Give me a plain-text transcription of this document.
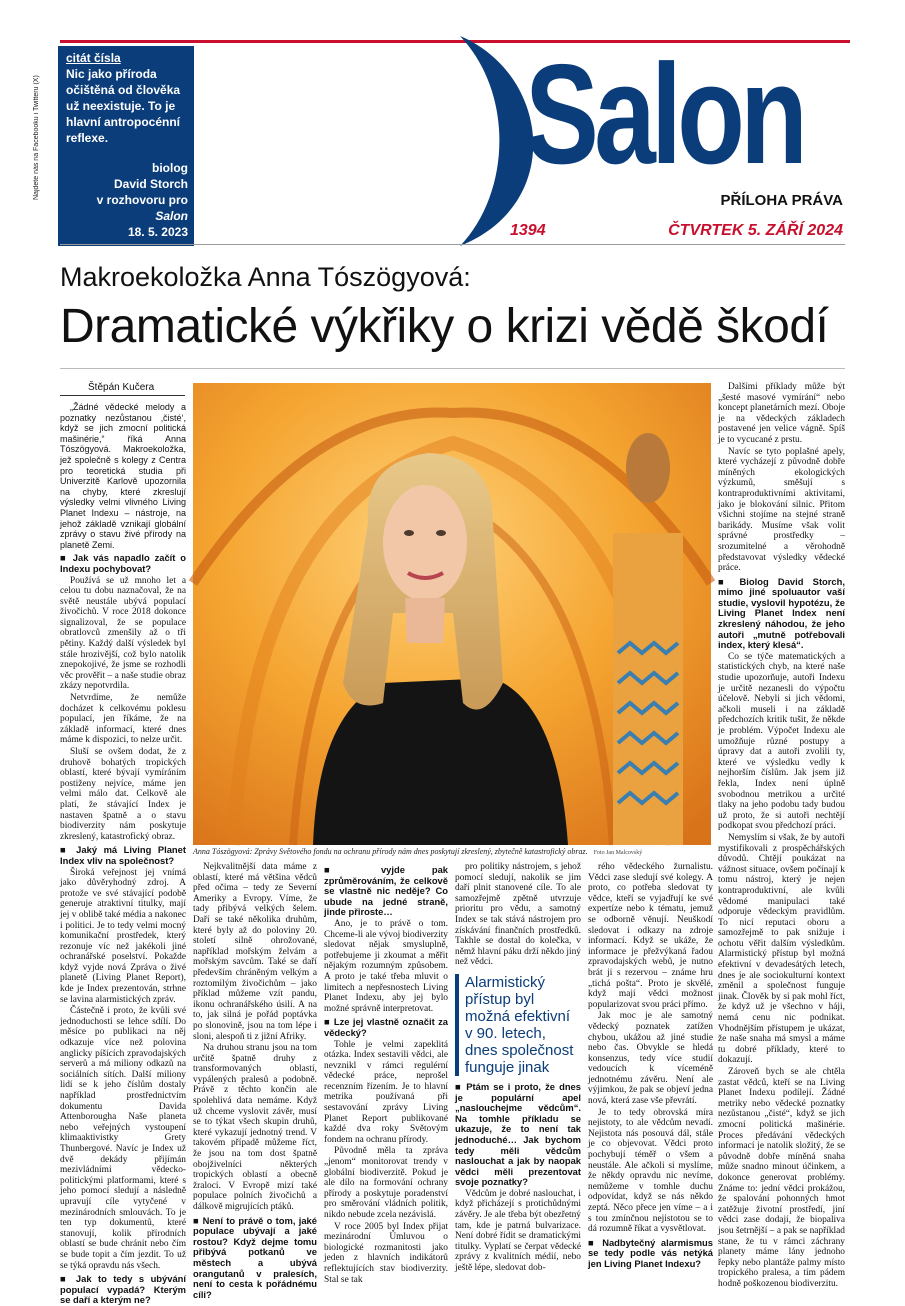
Najdete nás na Facebooku i Twitteru (X)
citát čísla
Nic jako příroda očištěná od člověka už neexistuje. To je hlavní antropocénní reflexe.
biolog
David Storch
v rozhovoru pro Salon
18. 5. 2023
Salon
PŘÍLOHA PRÁVA
1394	ČTVRTEK 5. ZÁŘÍ 2024
Makroekoložka Anna Tószögyová:
Dramatické výkřiky o krizi vědě škodí
Štěpán Kučera

„Žádné vědecké melody a poznatky nezůstanou ‚čisté‘, když se jich zmocní politická mašinérie,“ říká Anna Tószögyová. Makroekoložka, jež společně s kolegy z Centra pro teoretická studia při Univerzitě Karlově upozornila na chyby, které zkreslují výsledky velmi vlivného Living Planet Indexu – nástroje, na jehož základě vznikají globální zprávy o stavu živé přírody na planetě Zemi.

■ Jak vás napadlo začít o Indexu pochybovat?

Používá se už mnoho let a celou tu dobu naznačoval, že na světě neustále ubývá populací živočichů. V roce 2018 dokonce signalizoval, že se populace obratlovců zmenšily až o tři pětiny. Každý další výsledek byl stále hrozivější, což bylo natolik znepokojivé, že jsme se rozhodli věc prověřit – a naše studie obraz zkázy nepotvrdila.

Netvrdíme, že nemůže docházet k celkovému poklesu populací, jen říkáme, že na základě informací, které dnes máme k dispozici, to nelze určit.

Sluší se ovšem dodat, že z druhově bohatých tropických oblastí, které bývají vymíráním postiženy nejvíce, máme jen velmi málo dat. Celkově ale platí, že stávající Index je nastaven špatně a o stavu biodiverzity nám poskytuje zkreslený, katastrofický obraz.

■ Jaký má Living Planet Index vliv na společnost?

Široká veřejnost jej vnímá jako důvěryhodný zdroj. A protože ve své stávající podobě generuje atraktivní titulky, mají jej v oblibě také média a nakonec i politici. Je to tedy velmi mocný komunikační prostředek, který rezonuje víc než jakékoli jiné ochranářské poselství. Pokažde když vyjde nová Zpráva o živé planetě (Living Planet Report), kde je Index prezentován, strhne se lavina alarmistických zpráv.

Částečně i proto, že kvůli své jednoduchosti se lehce sdílí. Do měsíce po publikaci na něj odkazuje více než polovina anglicky píšících zpravodajských serverů a má miliony odkazů na sociálních sítích. Další miliony lidí se k jeho číslům dostaly například prostřednictvím dokumentu Davida Attenborougha Naše planeta nebo veřejných vystoupení klimaaktivistky Grety Thunbergové. Navíc je Index už dvě dekády přijímán mezivládními vědecko-politickými platformami, které s jeho pomocí sledují a následně upravují cíle vytyčené v mezinárodních smlouvách. To je ten typ dokumentů, které stanovují, kolik přírodních oblastí se bude chránit nebo čím se bude topit a čím jezdit. To už se týká opravdu nás všech.

■ Jak to tedy s ubývání populací vypadá? Kterým se daří a kterým ne?

Anna Tószögyová: Zprávy Světového fondu na ochranu přírody nám dnes poskytují zkreslený, zbytečně katastrofický obraz. Foto Jan Malcovský

Dalšími příklady může být „šesté masové vymírání“ nebo koncept planetárních mezí. Oboje je na vědeckých základech postavené jen velice vágně. Spíš je to vycucané z prstu.

Navíc se tyto poplašné apely, které vycházejí z původně dobře míněných ekologických výzkumů, směšují s kontraproduktivními aktivitami, jako je blokování silnic. Přitom všichni stojíme na stejné straně barikády. Musíme však volit správné prostředky – srozumitelné a věrohodně představovat výsledky vědecké práce.

■ Biolog David Storch, mimo jiné spoluautor vaší studie, vyslovil hypotézu, že Living Planet Index není zkreslený náhodou, že jeho autoři „mutně potřebovali index, který klesá“.

Co se týče matematických a statistických chyb, na které naše studie upozorňuje, autoři Indexu je určitě nezanesli do výpočtu účelově. Nebyli si jich vědomi, ačkoli museli i na základě předchozích kritik tušit, že někde je problém. Výpočet Indexu ale umožňuje různé postupy a úpravy dat a autoři zvolili ty, které ve výsledku vedly k nejhorším číslům. Jak jsem již řekla, Index není úplně svobodnou metrikou a určité tlaky na jeho podobu tady budou už proto, že si autoři nechtějí podkopat svou předchozí práci.

Nemyslím si však, že by autoři mystifikovali z prospěchářských důvodů. Chtějí poukázat na vážnost situace, ovšem počínají k tomu nástroj, který je nejen kontraproduktivní, ale kvůli vědomé manipulaci také odporuje vědeckým pravidlům. To nicí reputaci oboru a samozřejmě to pak snižuje i ochotu věřit dalším výsledkům. Alarmistický přístup byl možná efektivní v devadesátých letech, dnes je ale sociokulturní kontext změnil a společnost funguje jinak. Člověk by si pak mohl říct, že když už je všechno v háji, nemá cenu nic podnikat. Vhodnějším přístupem je ukázat, že naše snaha má smysl a máme tu dobré příklady, které to dokazují.

Zároveň bych se ale chtěla zastat vědců, kteří se na Living Planet Indexu podílejí. Žádné metriky nebo vědecké poznatky nezůstanou „čisté“, když se jich zmocní politická mašinérie. Proces předávání vědeckých informací je natolik složitý, že se původně dobře míněná snaha může snadno minout účinkem, a dokonce generovat problémy. Známe to: jední vědci prokážou, že spalování pohonných hmot zatěžuje životní prostředí, jiní vědci zase dodají, že biopaliva jsou šetrnější – a pak se například stane, že tu v rámci záchrany planety máme lány jednoho řepky nebo plantáže palmy místo tropického pralesa, a tím pádem hodně poškozenou biodiverzitu.

Nejkvalitnější data máme z oblastí, které má většina vědců před očima – tedy ze Severní Ameriky a Evropy. Víme, že tady přibývá velkých šelem. Daří se také několika druhům, které byly až do poloviny 20. století silně ohrožované, například mořským želvám a mořským savcům. Také se daří především chráněným velkým a roztomilým živočichům – jako příklad můžeme vzít pandu, ikonu ochranářského úsilí. A na to, jak silná je pořád poptávka po slonovině, jsou na tom lépe i sloni, alespoň ti z jižní Afriky.

Na druhou stranu jsou na tom určitě špatně druhy z transformovaných oblastí, vypálených pralesů a podobně. Právě z těchto končin ale spolehlivá data nemáme. Když už chceme vyslovit závěr, musí se to týkat všech skupin druhů, které vykazují jednotný trend. V takovém případě můžeme říct, že jsou na tom dost špatně obojživelníci některých tropických oblastí a obecně žraloci. V Evropě mizí také populace polních živočichů a dálkově migrujících ptáků.

■ Není to právě o tom, jaké populace ubývají a jaké rostou? Když dejme tomu přibývá potkanů ve městech a ubývá orangutanů v pralesích, není to cesta k pořádnému cíli?

■ vyjde pak zprůměrováním, že celkově se vlastně nic neděje? Co ubude na jedné straně, jinde přiroste…

Ano, je to právě o tom. Chceme-li ale vývoj biodiverzity sledovat nějak smysluplně, potřebujeme ji zkoumat a měřit nějakým rozumným způsobem. A proto je také třeba mluvit o limitech a nepřesnostech Living Planet Indexu, aby jej bylo možné správně interpretovat.

■ Lze jej vlastně označit za vědecký?

Tohle je velmi zapeklitá otázka. Index sestavili vědci, ale nevznikl v rámci regulérní vědecké práce, neprošel recenzním řízením. Je to hlavní metrika používaná při sestavování zprávy Living Planet Report publikované každé dva roky Světovým fondem na ochranu přírody.

Původně měla ta zpráva „jenom“ monitorovat trendy v globální biodiverzitě. Pokud je ale dílo na formování ochrany přírody a poskytuje poradenství pro směrování vládních politik, nikdo nebude zcela nezávislá.

V roce 2005 byl Index přijat mezinárodní Úmluvou o biologické rozmanitosti jako jeden z hlavních indikátorů reflektujících stav biodiverzity. Stal se tak

pro politiky nástrojem, s jehož pomocí sledují, nakolik se jim daří plnit stanovené cíle. To ale samozřejmě zpětně utvrzuje prioritu pro vědu, a samotný Index se tak stává nástrojem pro získávání finančních prostředků. Takhle se dostal do kolečka, v němž hlavní páku drží někdo jiný než vědci.

Alarmistický přístup byl možná efektivní v 90. letech, dnes společnost funguje jinak

■ Ptám se i proto, že dnes je populární apel „naslouchejme vědcům“. Na tomhle příkladu se ukazuje, že to není tak jednoduché… Jak bychom tedy měli vědcům naslouchat a jak by naopak vědci měli prezentovat svoje poznatky?

Vědcům je dobré naslouchat, i když přicházejí s protichůdnými závěry. Je ale třeba být obezřetný tam, kde je patrná bulvarizace. Není dobré řídit se dramatickými titulky. Vyplatí se čerpat vědecké zprávy z kvalitních médií, nebo ještě lépe, sledovat dob-

rého vědeckého žurnalistu. Vědci zase sledují své kolegy. A proto, co potřeba sledovat ty vědce, kteří se vyjadřují ke své expertíze nebo k tématu, jemuž se odborně věnují. Neuškodí sledovat i odkazy na zdroje informací. Když se ukáže, že informace je přežvýkaná řadou zpravodajských webů, je nutno brát ji s rezervou – známe hru „tichá pošta“. Proto je skvělé, když mají vědci možnost popularizovat svou práci přímo.

Jak moc je ale samotný vědecký poznatek zatížen chybou, ukážou až jiné studie nebo čas. Obvykle se hledá konsenzus, tedy více studií vedoucích k víceméně jednotnému závěru. Není ale výjimkou, že pak se objeví jedna nová, která zase vše převrátí.

Je to tedy obrovská míra nejistoty, to ale vědcům nevadí. Nejistota nás posouvá dál, stále je co objevovat. Vědci proto pochybují téměř o všem a neustále. Ale ačkoli si myslíme, že někdy opravdu nic nevíme, nemůžeme v tomhle duchu odpovídat, když se nás někdo zeptá. Něco přece jen víme – a i s tou zmínčnou nejistotou se to dá rozumně říkat a vysvětlovat.

■ Nadbytečný alarmismus se tedy podle vás netýká jen Living Planet Indexu?
